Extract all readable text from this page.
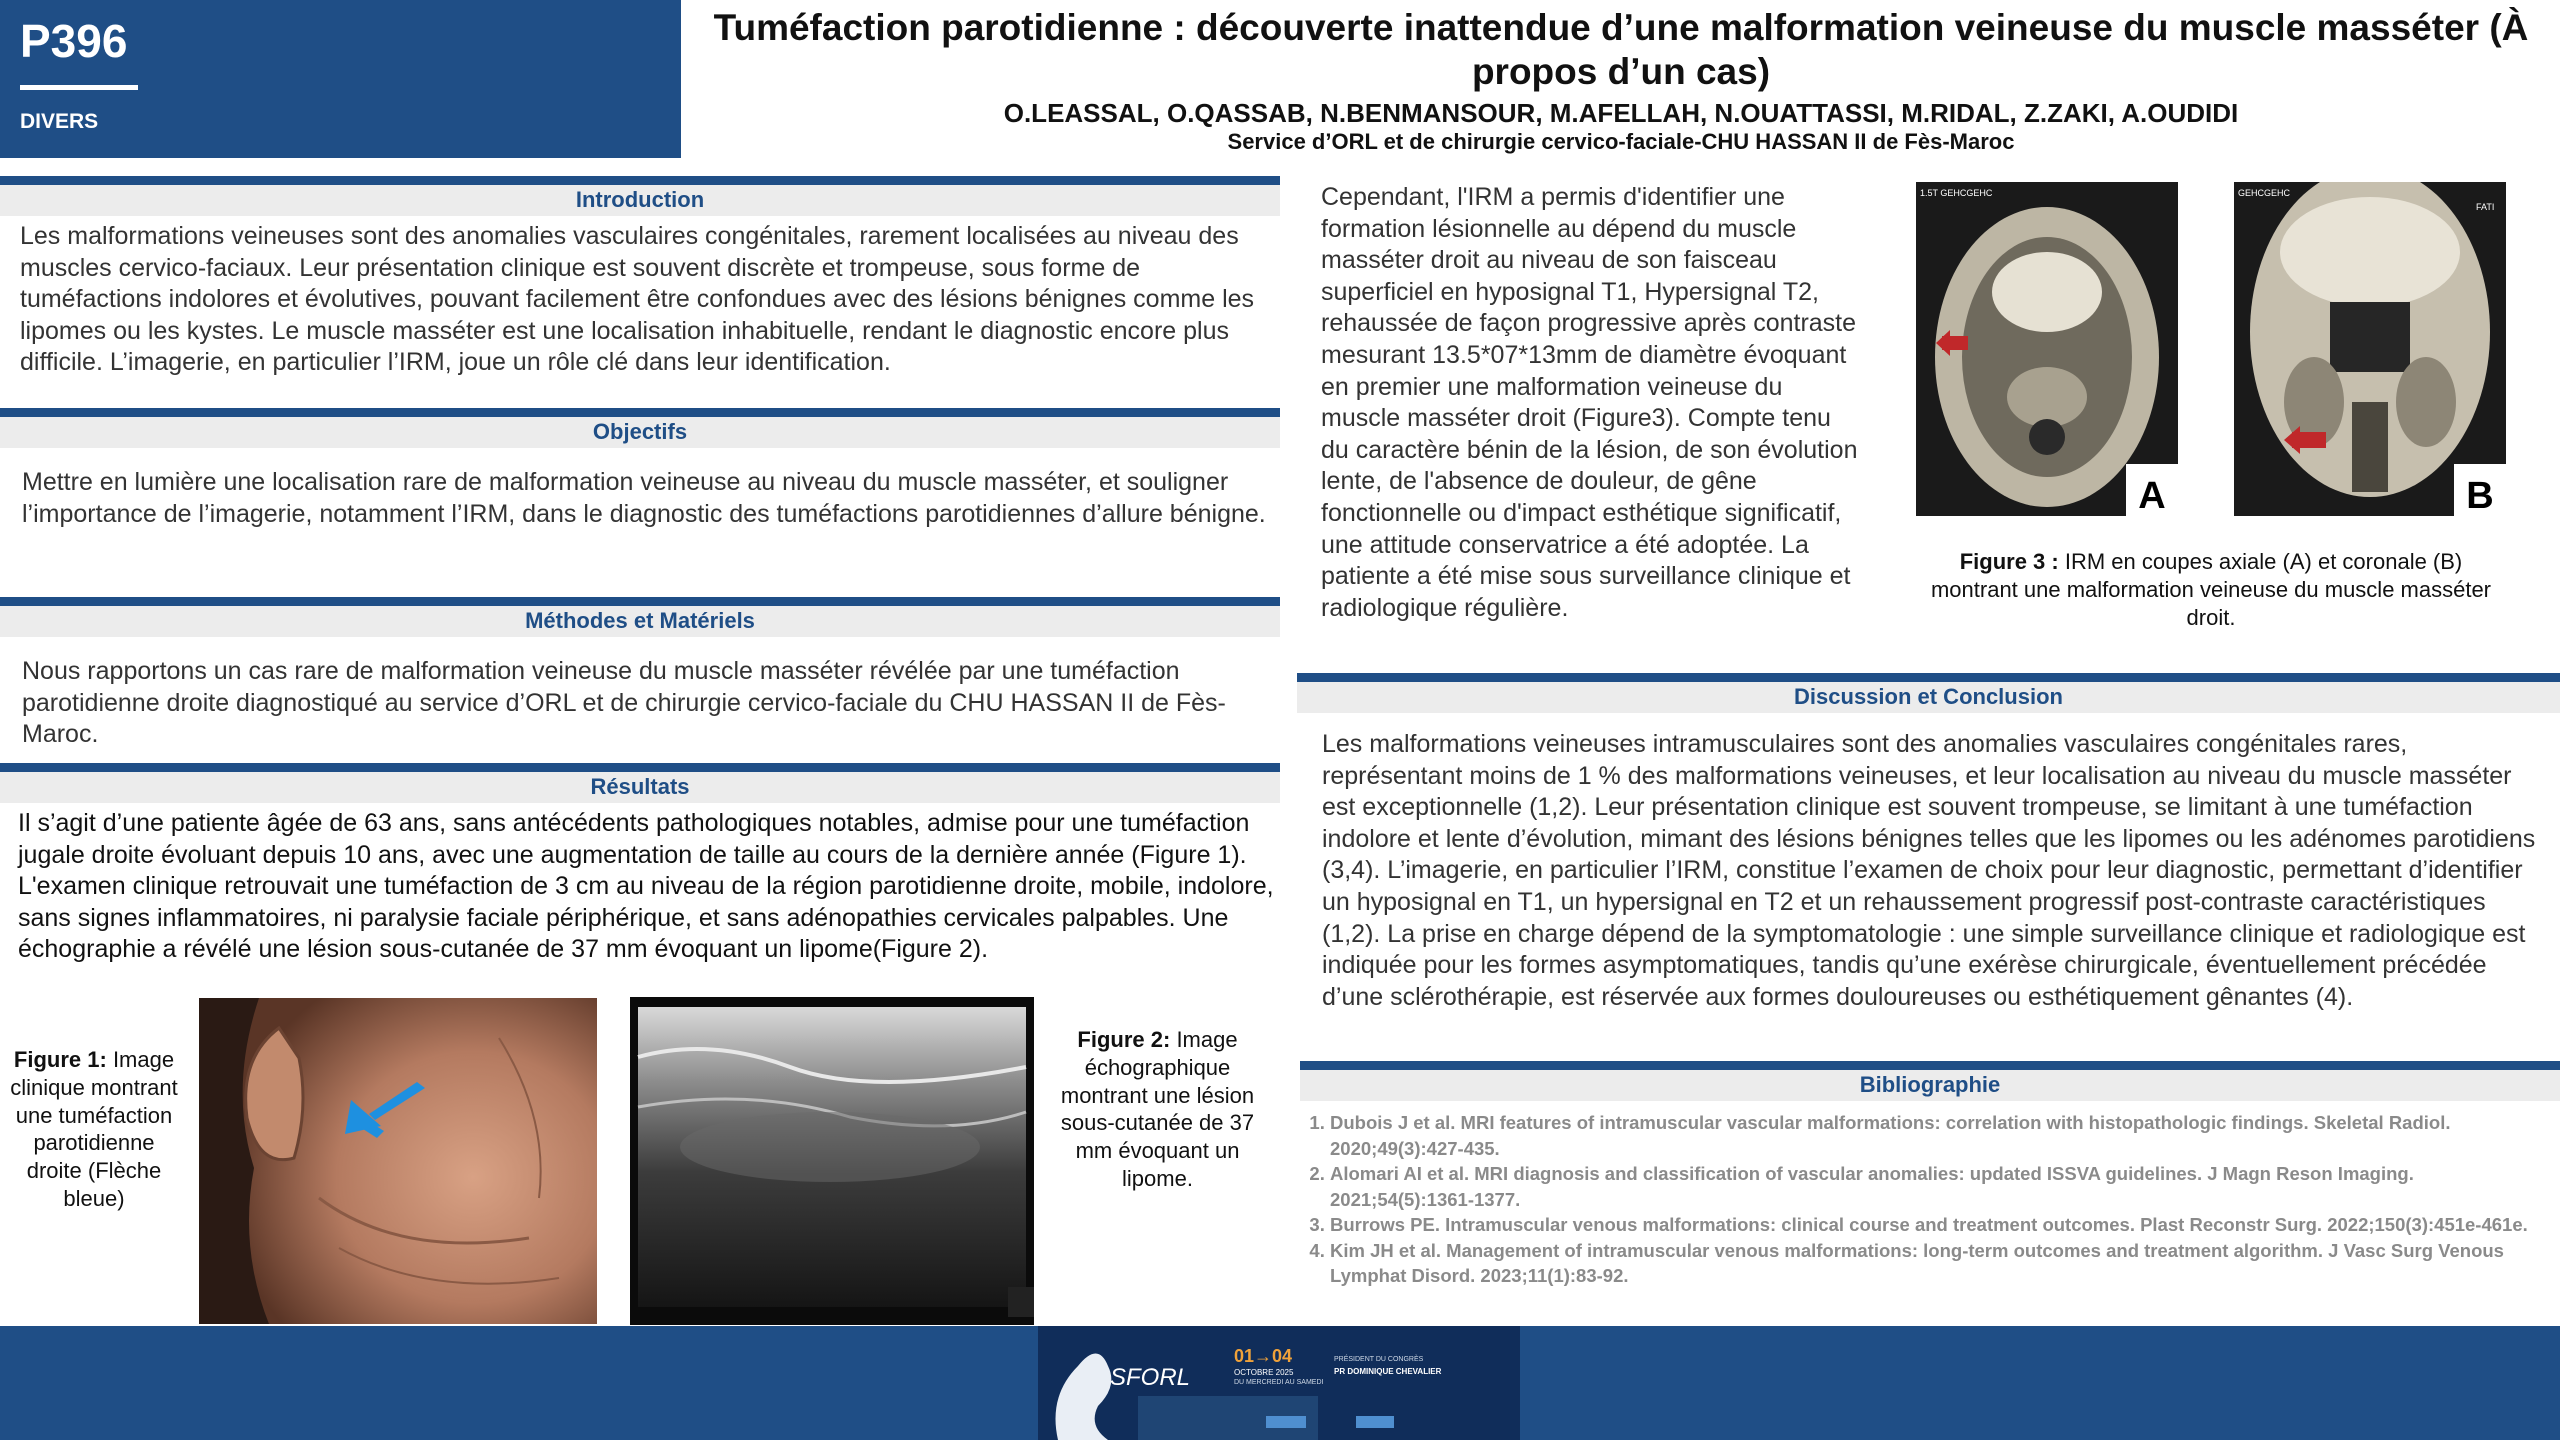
P396
DIVERS
Tuméfaction parotidienne : découverte inattendue d’une malformation veineuse du muscle masséter (À propos d’un cas)
O.LEASSAL, O.QASSAB, N.BENMANSOUR, M.AFELLAH, N.OUATTASSI, M.RIDAL, Z.ZAKI, A.OUDIDI
Service d’ORL et de chirurgie cervico-faciale-CHU HASSAN II de Fès-Maroc
Introduction
Les malformations veineuses sont des anomalies vasculaires congénitales, rarement localisées au niveau des muscles cervico-faciaux. Leur présentation clinique est souvent discrète et trompeuse, sous forme de tuméfactions indolores et évolutives, pouvant facilement être confondues avec des lésions bénignes comme les lipomes ou les kystes. Le muscle masséter est une localisation inhabituelle, rendant le diagnostic encore plus difficile. L’imagerie, en particulier l’IRM, joue un rôle clé dans leur identification.
Objectifs
Mettre en lumière une localisation rare de malformation veineuse au niveau du muscle masséter, et souligner l’importance de l’imagerie, notamment l’IRM, dans le diagnostic des tuméfactions parotidiennes d’allure bénigne.
Méthodes et Matériels
Nous rapportons un cas rare de malformation veineuse du muscle masséter révélée par une tuméfaction parotidienne droite diagnostiqué au service d’ORL et de chirurgie cervico-faciale du CHU HASSAN II de Fès-Maroc.
Résultats
Il s’agit d’une patiente âgée de 63 ans, sans antécédents pathologiques notables, admise pour une tuméfaction jugale droite évoluant depuis 10 ans, avec une augmentation de taille au cours de la dernière année (Figure 1). L'examen clinique retrouvait une tuméfaction de 3 cm au niveau de la région parotidienne droite, mobile, indolore, sans signes inflammatoires, ni paralysie faciale périphérique, et sans adénopathies cervicales palpables. Une échographie a révélé une lésion sous-cutanée de 37 mm évoquant un lipome(Figure 2).
Figure 1: Image clinique montrant une tuméfaction parotidienne droite (Flèche bleue)
Figure 2: Image échographique montrant une lésion sous-cutanée de 37 mm évoquant un lipome.
Cependant, l'IRM a permis d'identifier une formation lésionnelle au dépend du muscle masséter droit au niveau de son faisceau superficiel en hyposignal T1, Hypersignal T2, rehaussée de façon progressive après contraste mesurant 13.5*07*13mm de diamètre évoquant en premier une malformation veineuse du muscle masséter droit (Figure3). Compte tenu du caractère bénin de la lésion, de son évolution lente, de l'absence de douleur, de gêne fonctionnelle ou d'impact esthétique significatif, une attitude conservatrice a été adoptée. La patiente a été mise sous surveillance clinique et radiologique régulière.
1.5T GEHCGEHC
A
GEHCGEHC
FATI
B
Figure 3 : IRM en coupes axiale (A) et coronale (B) montrant une malformation veineuse du muscle masséter droit.
Discussion et Conclusion
Les malformations veineuses intramusculaires sont des anomalies vasculaires congénitales rares, représentant moins de 1 % des malformations veineuses, et leur localisation au niveau du muscle masséter est exceptionnelle (1,2). Leur présentation clinique est souvent trompeuse, se limitant à une tuméfaction indolore et lente d’évolution, mimant des lésions bénignes telles que les lipomes ou les adénomes parotidiens (3,4). L’imagerie, en particulier l’IRM, constitue l’examen de choix pour leur diagnostic, permettant d’identifier un hyposignal en T1, un hypersignal en T2 et un rehaussement progressif post-contraste caractéristiques (1,2). La prise en charge dépend de la symptomatologie : une simple surveillance clinique et radiologique est indiquée pour les formes asymptomatiques, tandis qu’une exérèse chirurgicale, éventuellement précédée d’une sclérothérapie, est réservée aux formes douloureuses ou esthétiquement gênantes (4).
Bibliographie
1. Dubois J et al. MRI features of intramuscular vascular malformations: correlation with histopathologic findings. Skeletal Radiol. 2020;49(3):427-435.
2. Alomari AI et al. MRI diagnosis and classification of vascular anomalies: updated ISSVA guidelines. J Magn Reson Imaging. 2021;54(5):1361-1377.
3. Burrows PE. Intramuscular venous malformations: clinical course and treatment outcomes. Plast Reconstr Surg. 2022;150(3):451e-461e.
4. Kim JH et al. Management of intramuscular venous malformations: long-term outcomes and treatment algorithm. J Vasc Surg Venous Lymphat Disord. 2023;11(1):83-92.
SFORL
01→04
OCTOBRE 2025
DU MERCREDI AU SAMEDI
PRÉSIDENT DU CONGRÈS
PR DOMINIQUE CHEVALIER
